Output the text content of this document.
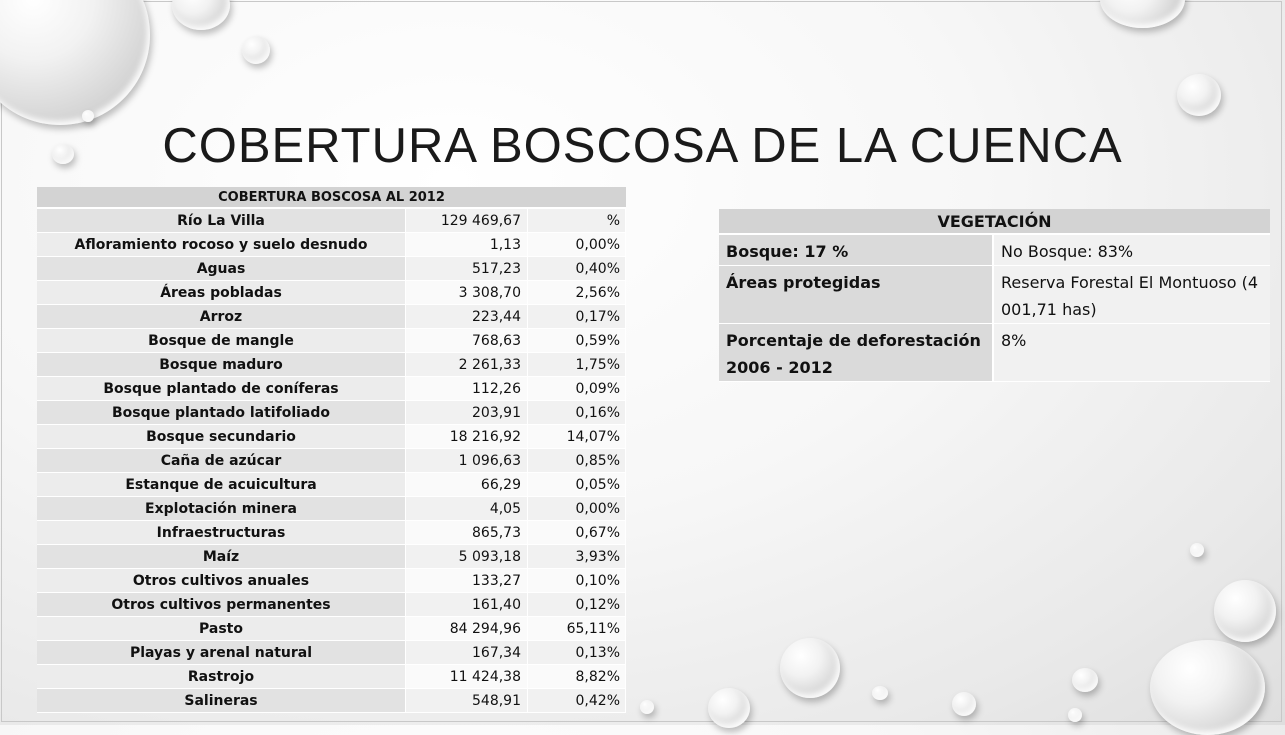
COBERTURA BOSCOSA DE LA CUENCA
COBERTURA BOSCOSA AL 2012		
Río La Villa	129 469,67	%
Afloramiento rocoso y suelo desnudo	1,13	0,00%
Aguas	517,23	0,40%
Áreas pobladas	3 308,70	2,56%
Arroz	223,44	0,17%
Bosque de mangle	768,63	0,59%
Bosque maduro	2 261,33	1,75%
Bosque plantado de coníferas	112,26	0,09%
Bosque plantado latifoliado	203,91	0,16%
Bosque secundario	18 216,92	14,07%
Caña de azúcar	1 096,63	0,85%
Estanque de acuicultura	66,29	0,05%
Explotación minera	4,05	0,00%
Infraestructuras	865,73	0,67%
Maíz	5 093,18	3,93%
Otros cultivos anuales	133,27	0,10%
Otros cultivos permanentes	161,40	0,12%
Pasto	84 294,96	65,11%
Playas y arenal natural	167,34	0,13%
Rastrojo	11 424,38	8,82%
Salineras	548,91	0,42%
VEGETACIÓN	
Bosque: 17 %	No Bosque: 83%
Áreas protegidas	Reserva Forestal El Montuoso (4 001,71 has)
Porcentaje de deforestación 2006 - 2012	8%
